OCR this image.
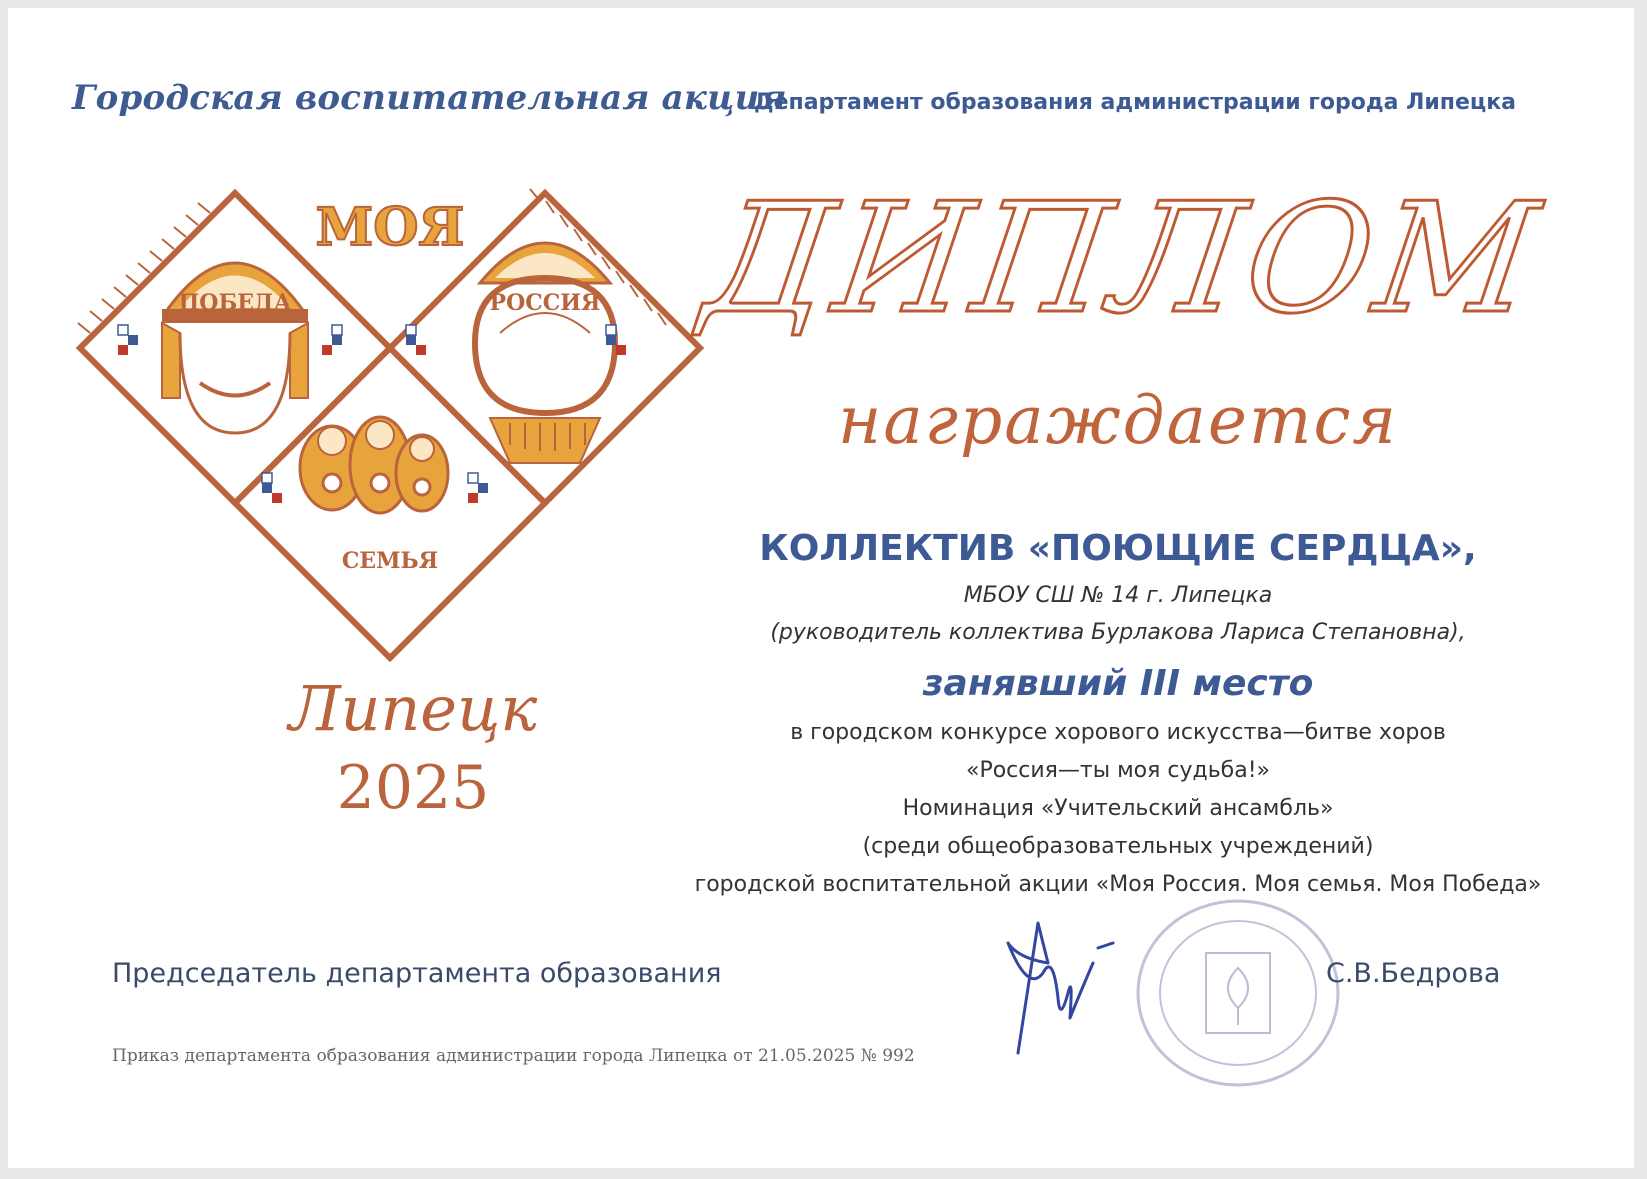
Городская воспитательная акция
Департамент образования администрации города Липецка
МОЯ
ПОБЕДА	РОССИЯ
СЕМЬЯ
Липецк
2025
ДИПЛОМ
награждается
КОЛЛЕКТИВ «ПОЮЩИЕ СЕРДЦА»,
МБОУ СШ № 14 г. Липецка
(руководитель коллектива Бурлакова Лариса Степановна),
занявший III место
в городском конкурсе хорового искусства—битве хоров
«Россия—ты моя судьба!»
Номинация «Учительский ансамбль»
(среди общеобразовательных учреждений)
городской воспитательной акции «Моя Россия. Моя семья. Моя Победа»
Председатель департамента образования	С.В.Бедрова
Приказ департамента образования администрации города Липецка от 21.05.2025 № 992
